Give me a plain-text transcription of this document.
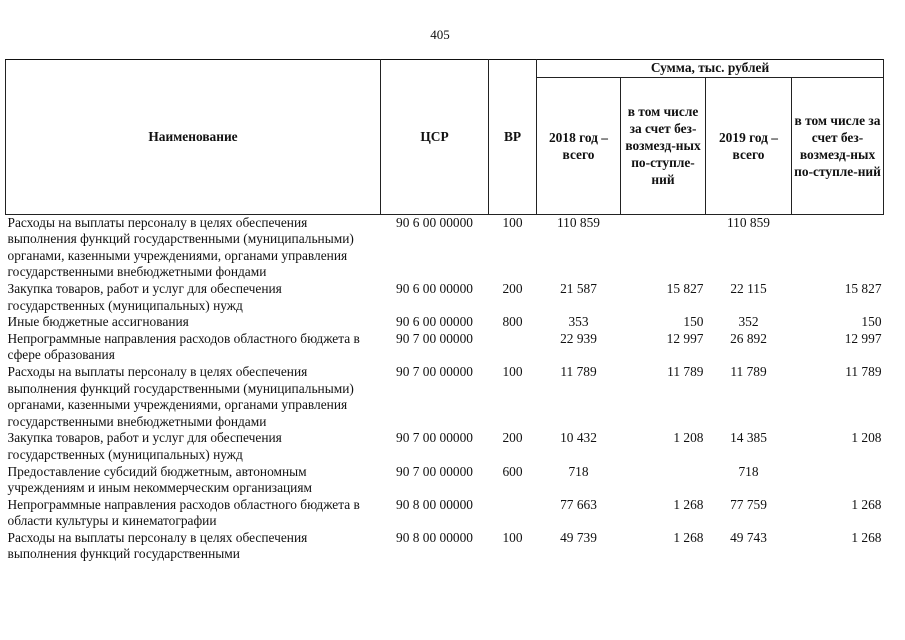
405
Наименование	ЦСР	ВР	Сумма, тыс. рублей			
			2018 год – всего	в том числе за счет без-возмезд-ных по-ступле-ний	2019 год – всего	в том числе за счет без-возмезд-ных по-ступле-ний
Расходы на выплаты персоналу в целях обеспечения выполнения функций государственными (муниципальными) органами, казенными учреждениями, органами управления государственными внебюджетными фондами	90 6 00 00000	100	110 859		110 859	
Закупка товаров, работ и услуг для обеспечения государственных (муниципальных) нужд	90 6 00 00000	200	21 587	15 827	22 115	15 827
Иные бюджетные ассигнования	90 6 00 00000	800	353	150	352	150
Непрограммные направления расходов областного бюджета в сфере образования	90 7 00 00000		22 939	12 997	26 892	12 997
Расходы на выплаты персоналу в целях обеспечения выполнения функций государственными (муниципальными) органами, казенными учреждениями, органами управления государственными внебюджетными фондами	90 7 00 00000	100	11 789	11 789	11 789	11 789
Закупка товаров, работ и услуг для обеспечения государственных (муниципальных) нужд	90 7 00 00000	200	10 432	1 208	14 385	1 208
Предоставление субсидий бюджетным, автономным учреждениям и иным некоммерческим организациям	90 7 00 00000	600	718		718	
Непрограммные направления расходов областного бюджета в области культуры и кинематографии	90 8 00 00000		77 663	1 268	77 759	1 268
Расходы на выплаты персоналу в целях обеспечения выполнения функций государственными	90 8 00 00000	100	49 739	1 268	49 743	1 268
